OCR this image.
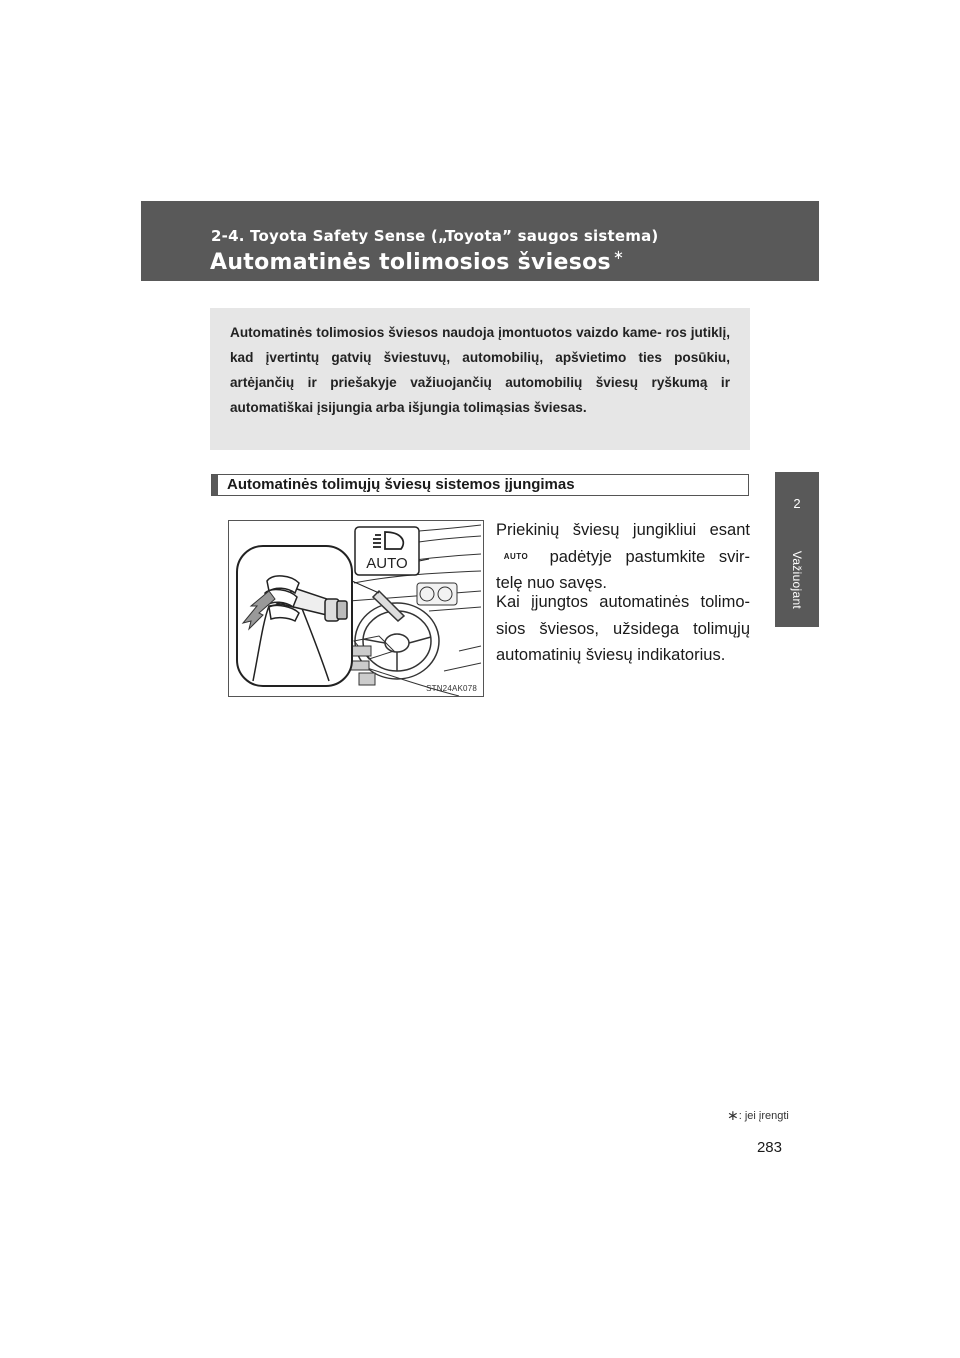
2-4. Toyota Safety Sense („Toyota” saugos sistema)
Automatinės tolimosios šviesos ∗
2
Važiuojant
Automatinės tolimosios šviesos naudoja įmontuotos vaizdo kame- ros jutiklį, kad įvertintų gatvių šviestuvų, automobilių, apšvietimo ties posūkiu, artėjančių ir priešakyje važiuojančių automobilių šviesų ryškumą ir automatiškai įsijungia arba išjungia tolimąsias šviesas.
Automatinės tolimųjų šviesų sistemos įjungimas
AUTO
STN24AK078
Priekinių šviesų jungikliui esant AUTO padėtyje pastumkite svir- telę nuo savęs.
Kai įjungtos automatinės tolimo- sios šviesos, užsidega tolimųjų automatinių šviesų indikatorius.
∗: jei įrengti
283
